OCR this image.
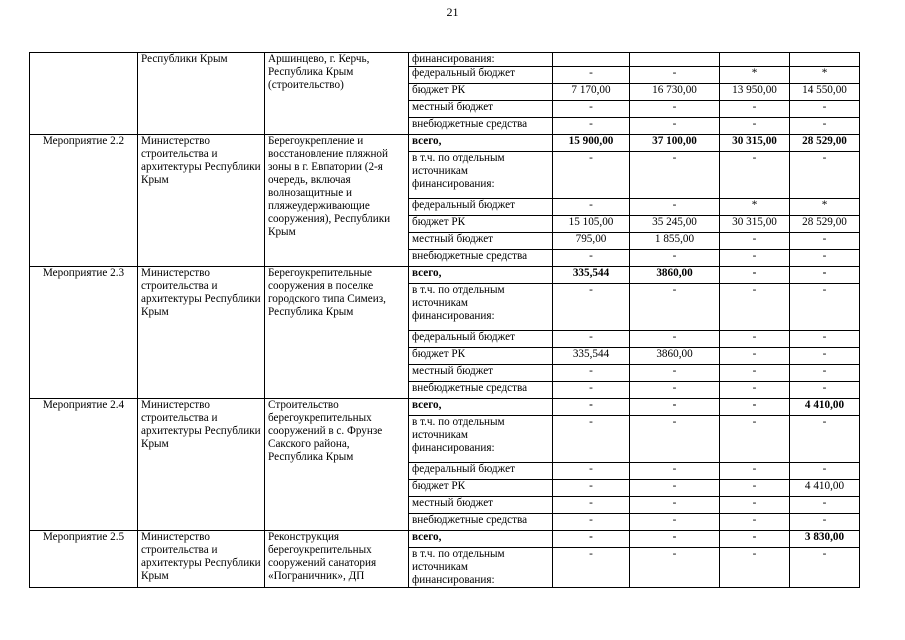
21
	Республики Крым	Аршинцево, г. Керчь, Республика Крым (строительство)	финансирования:				
			федеральный бюджет	-	-	*	*
			бюджет РК	7 170,00	16 730,00	13 950,00	14 550,00
			местный бюджет	-	-	-	-
			внебюджетные средства	-	-	-	-
Мероприятие 2.2	Министерство строительства и архитектуры Республики Крым	Берегоукрепление и восстановление пляжной зоны в г. Евпатории (2-я очередь, включая волнозащитные и пляжеудерживающие сооружения), Республики Крым	всего,	15 900,00	37 100,00	30 315,00	28 529,00
			в т.ч. по отдельным источникам финансирования:	-	-	-	-
			федеральный бюджет	-	-	*	*
			бюджет РК	15 105,00	35 245,00	30 315,00	28 529,00
			местный бюджет	795,00	1 855,00	-	-
			внебюджетные средства	-	-	-	-
Мероприятие 2.3	Министерство строительства и архитектуры Республики Крым	Берегоукрепительные сооружения в поселке городского типа Симеиз, Республика Крым	всего,	335,544	3860,00	-	-
			в т.ч. по отдельным источникам финансирования:	-	-	-	-
			федеральный бюджет	-	-	-	-
			бюджет РК	335,544	3860,00	-	-
			местный бюджет	-	-	-	-
			внебюджетные средства	-	-	-	-
Мероприятие 2.4	Министерство строительства и архитектуры Республики Крым	Строительство берегоукрепительных сооружений в с. Фрунзе Сакского района, Республика Крым	всего,	-	-	-	4 410,00
			в т.ч. по отдельным источникам финансирования:	-	-	-	-
			федеральный бюджет	-	-	-	-
			бюджет РК	-	-	-	4 410,00
			местный бюджет	-	-	-	-
			внебюджетные средства	-	-	-	-
Мероприятие 2.5	Министерство строительства и архитектуры Республики Крым	Реконструкция берегоукрепительных сооружений санатория «Пограничник», ДП	всего,	-	-	-	3 830,00
			в т.ч. по отдельным источникам финансирования:	-	-	-	-
